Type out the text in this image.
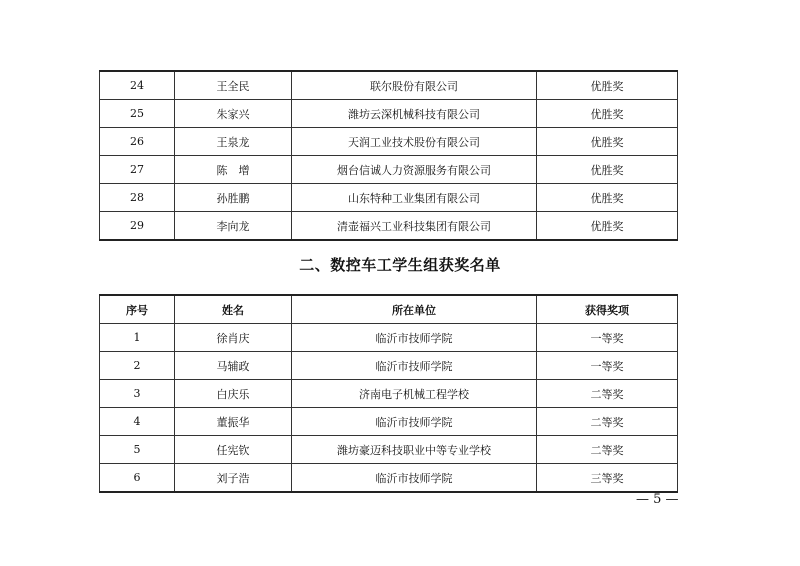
24	王全民	联尔股份有限公司	优胜奖
25	朱家兴	潍坊云深机械科技有限公司	优胜奖
26	王泉龙	天润工业技术股份有限公司	优胜奖
27	陈　增	烟台信诚人力资源服务有限公司	优胜奖
28	孙胜鹏	山东特种工业集团有限公司	优胜奖
29	李向龙	清壶福兴工业科技集团有限公司	优胜奖
二、数控车工学生组获奖名单
序号	姓名	所在单位	获得奖项
1	徐肖庆	临沂市技师学院	一等奖
2	马辅政	临沂市技师学院	一等奖
3	白庆乐	济南电子机械工程学校	二等奖
4	董振华	临沂市技师学院	二等奖
5	任宪钦	潍坊豪迈科技职业中等专业学校	二等奖
6	刘子浩	临沂市技师学院	三等奖
— 5 —
